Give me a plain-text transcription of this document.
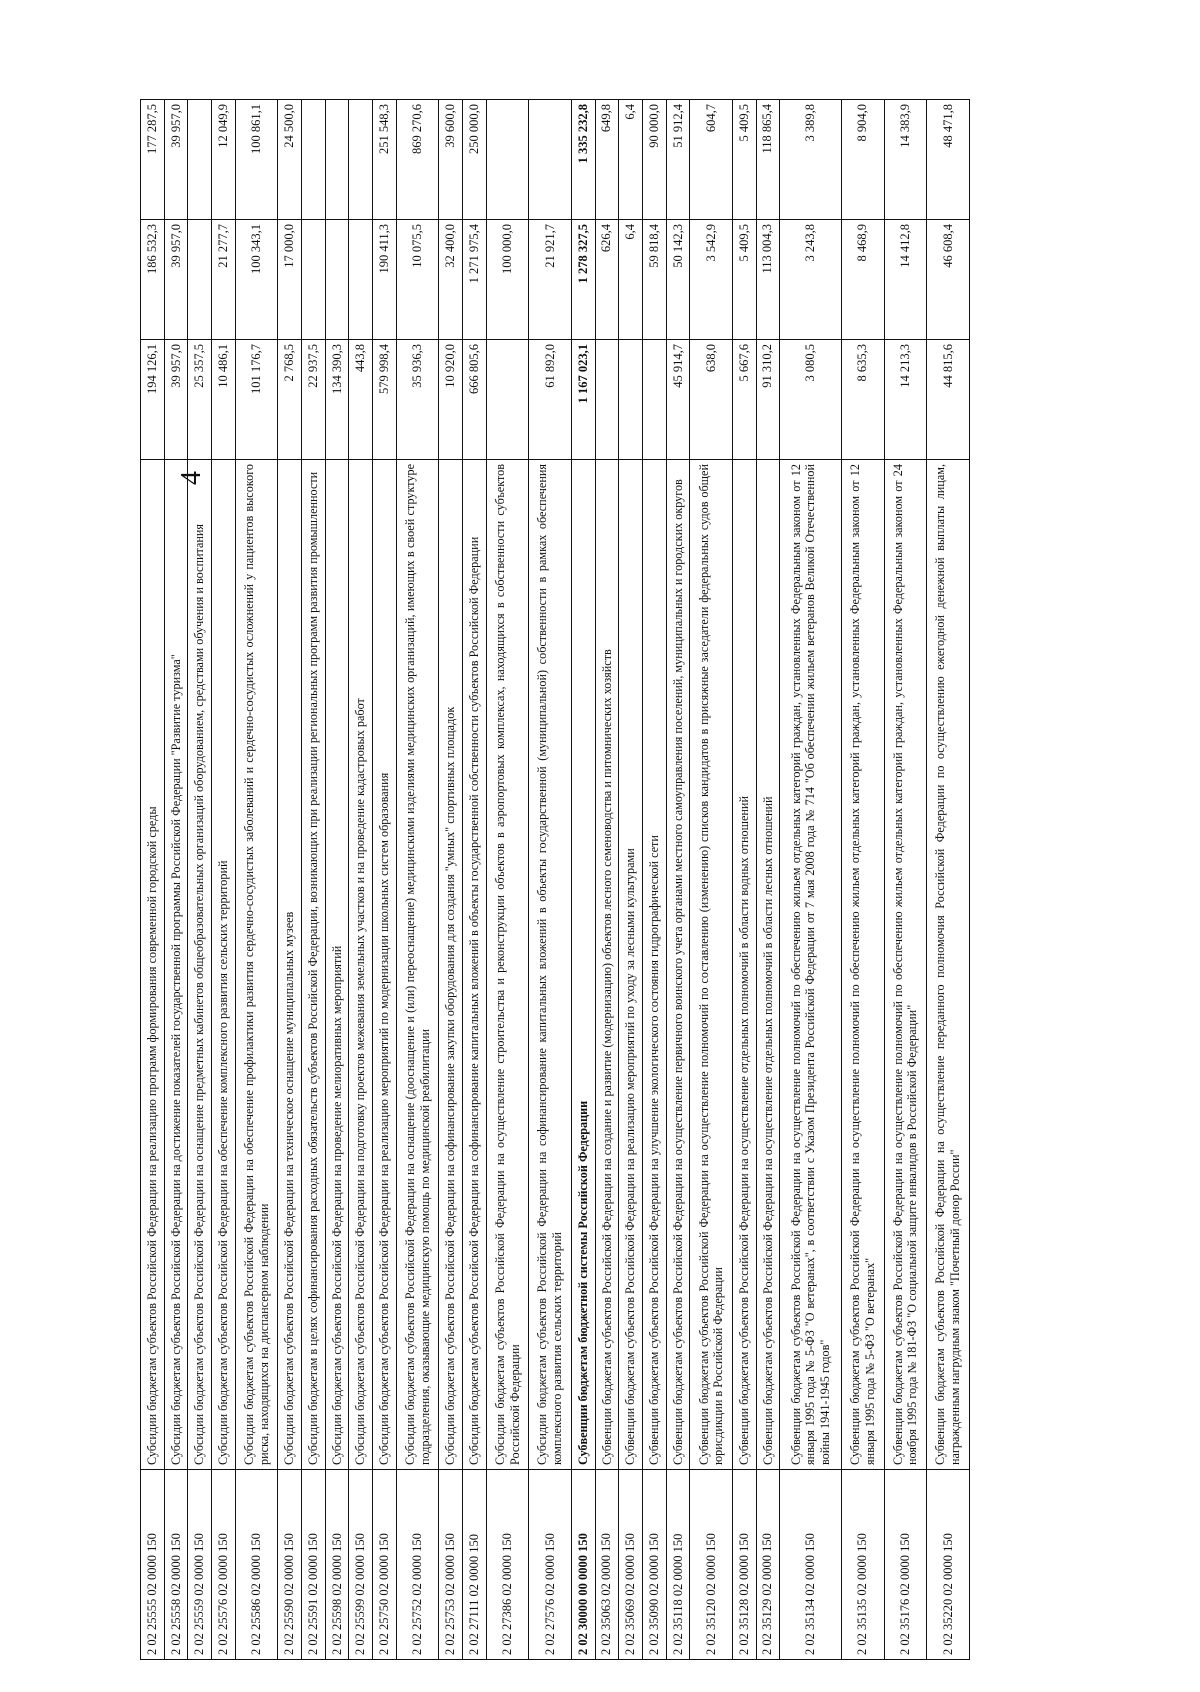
4
2 02 25555 02 0000 150	Субсидии бюджетам субъектов Российской Федерации на реализацию программ формирования современной городской среды	194 126,1	186 532,3	177 287,5
2 02 25558 02 0000 150	Субсидии бюджетам субъектов Российской Федерации на достижение показателей государственной программы Российской Федерации "Развитие туризма"	39 957,0	39 957,0	39 957,0
2 02 25559 02 0000 150	Субсидии бюджетам субъектов Российской Федерации на оснащение предметных кабинетов общеобразовательных организаций оборудованием, средствами обучения и воспитания	25 357,5		
2 02 25576 02 0000 150	Субсидии бюджетам субъектов Российской Федерации на обеспечение комплексного развития сельских территорий	10 486,1	21 277,7	12 049,9
2 02 25586 02 0000 150	Субсидии бюджетам субъектов Российской Федерации на обеспечение профилактики развития сердечно-сосудистых заболеваний и сердечно-сосудистых осложнений у пациентов высокого риска, находящихся на диспансерном наблюдении	101 176,7	100 343,1	100 861,1
2 02 25590 02 0000 150	Субсидии бюджетам субъектов Российской Федерации на техническое оснащение муниципальных музеев	2 768,5	17 000,0	24 500,0
2 02 25591 02 0000 150	Субсидии бюджетам в целях софинансирования расходных обязательств субъектов Российской Федерации, возникающих при реализации региональных программ развития промышленности	22 937,5		
2 02 25598 02 0000 150	Субсидии бюджетам субъектов Российской Федерации на проведение мелиоративных мероприятий	134 390,3		
2 02 25599 02 0000 150	Субсидии бюджетам субъектов Российской Федерации на подготовку проектов межевания земельных участков и на проведение кадастровых работ	443,8		
2 02 25750 02 0000 150	Субсидии бюджетам субъектов Российской Федерации на реализацию мероприятий по модернизации школьных систем образования	579 998,4	190 411,3	251 548,3
2 02 25752 02 0000 150	Субсидии бюджетам субъектов Российской Федерации на оснащение (дооснащение и (или) переоснащение) медицинскими изделиями медицинских организаций, имеющих в своей структуре подразделения, оказывающие медицинскую помощь по медицинской реабилитации	35 936,3	10 075,5	869 270,6
2 02 25753 02 0000 150	Субсидии бюджетам субъектов Российской Федерации на софинансирование закупки оборудования для создания "умных" спортивных площадок	10 920,0	32 400,0	39 600,0
2 02 27111 02 0000 150	Субсидии бюджетам субъектов Российской Федерации на софинансирование капитальных вложений в объекты государственной собственности субъектов Российской Федерации	666 805,6	1 271 975,4	250 000,0
2 02 27386 02 0000 150	Субсидии бюджетам субъектов Российской Федерации на осуществление строительства и реконструкции объектов в аэропортовых комплексах, находящихся в собственности субъектов Российской Федерации		100 000,0	
2 02 27576 02 0000 150	Субсидии бюджетам субъектов Российской Федерации на софинансирование капитальных вложений в объекты государственной (муниципальной) собственности в рамках обеспечения комплексного развития сельских территорий	61 892,0	21 921,7	
2 02 30000 00 0000 150	Субвенции бюджетам бюджетной системы Российской Федерации	1 167 023,1	1 278 327,5	1 335 232,8
2 02 35063 02 0000 150	Субвенции бюджетам субъектов Российской Федерации на создание и развитие (модернизацию) объектов лесного семеноводства и питомнических хозяйств		626,4	649,8
2 02 35069 02 0000 150	Субвенции бюджетам субъектов Российской Федерации на реализацию мероприятий по уходу за лесными культурами		6,4	6,4
2 02 35090 02 0000 150	Субвенции бюджетам субъектов Российской Федерации на улучшение экологического состояния гидрографической сети		59 818,4	90 000,0
2 02 35118 02 0000 150	Субвенции бюджетам субъектов Российской Федерации на осуществление первичного воинского учета органами местного самоуправления поселений, муниципальных и городских округов	45 914,7	50 142,3	51 912,4
2 02 35120 02 0000 150	Субвенции бюджетам субъектов Российской Федерации на осуществление полномочий по составлению (изменению) списков кандидатов в присяжные заседатели федеральных судов общей юрисдикции в Российской Федерации	638,0	3 542,9	604,7
2 02 35128 02 0000 150	Субвенции бюджетам субъектов Российской Федерации на осуществление отдельных полномочий в области водных отношений	5 667,6	5 409,5	5 409,5
2 02 35129 02 0000 150	Субвенции бюджетам субъектов Российской Федерации на осуществление отдельных полномочий в области лесных отношений	91 310,2	113 004,3	118 865,4
2 02 35134 02 0000 150	Субвенции бюджетам субъектов Российской Федерации на осуществление полномочий по обеспечению жильем отдельных категорий граждан, установленных Федеральным законом от 12 января 1995 года № 5-ФЗ "О ветеранах", в соответствии с Указом Президента Российской Федерации от 7 мая 2008 года № 714 "Об обеспечении жильем ветеранов Великой Отечественной войны 1941-1945 годов"	3 080,5	3 243,8	3 389,8
2 02 35135 02 0000 150	Субвенции бюджетам субъектов Российской Федерации на осуществление полномочий по обеспечению жильем отдельных категорий граждан, установленных Федеральным законом от 12 января 1995 года № 5-ФЗ "О ветеранах"	8 635,3	8 468,9	8 904,0
2 02 35176 02 0000 150	Субвенции бюджетам субъектов Российской Федерации на осуществление полномочий по обеспечению жильем отдельных категорий граждан, установленных Федеральным законом от 24 ноября 1995 года № 181-ФЗ "О социальной защите инвалидов в Российской Федерации"	14 213,3	14 412,8	14 383,9
2 02 35220 02 0000 150	Субвенции бюджетам субъектов Российской Федерации на осуществление переданного полномочия Российской Федерации по осуществлению ежегодной денежной выплаты лицам, награжденным нагрудным знаком "Почетный донор России"	44 815,6	46 608,4	48 471,8
